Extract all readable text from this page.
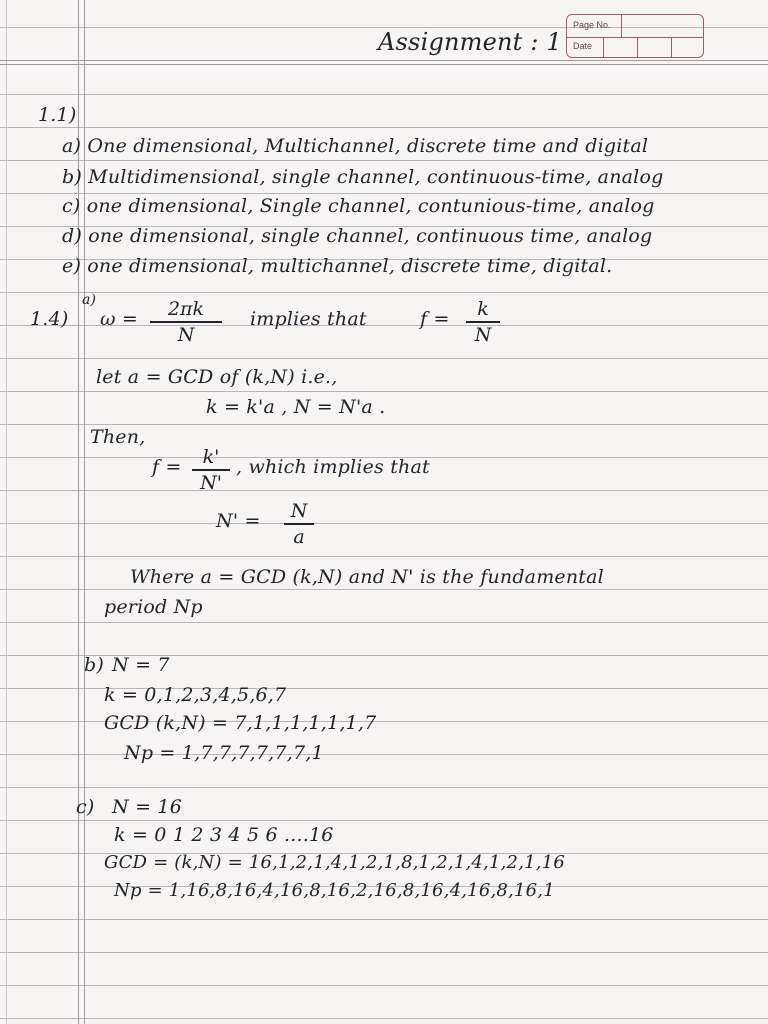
Page No.
Date
Assignment : 1
1.1)
a) One dimensional, Multichannel, discrete time and digital
b) Multidimensional, single channel, continuous-time, analog
c) one dimensional, Single channel, contunious-time, analog
d) one dimensional, single channel, continuous time, analog
e) one dimensional, multichannel, discrete time, digital.
1.4)
a)
ω =	2πk
N
implies that	f =	k
N
let a = GCD of (k,N) i.e.,
k = k'a , N = N'a .
Then,
f =	k'
N'
, which implies that
N' =	N
a
Where a = GCD (k,N) and N' is the fundamental
period Np
b) N = 7
k = 0,1,2,3,4,5,6,7
GCD (k,N) = 7,1,1,1,1,1,1,7
Np = 1,7,7,7,7,7,7,1
c) N = 16
k = 0 1 2 3 4 5 6 ....16
GCD = (k,N) = 16,1,2,1,4,1,2,1,8,1,2,1,4,1,2,1,16
Np = 1,16,8,16,4,16,8,16,2,16,8,16,4,16,8,16,1
